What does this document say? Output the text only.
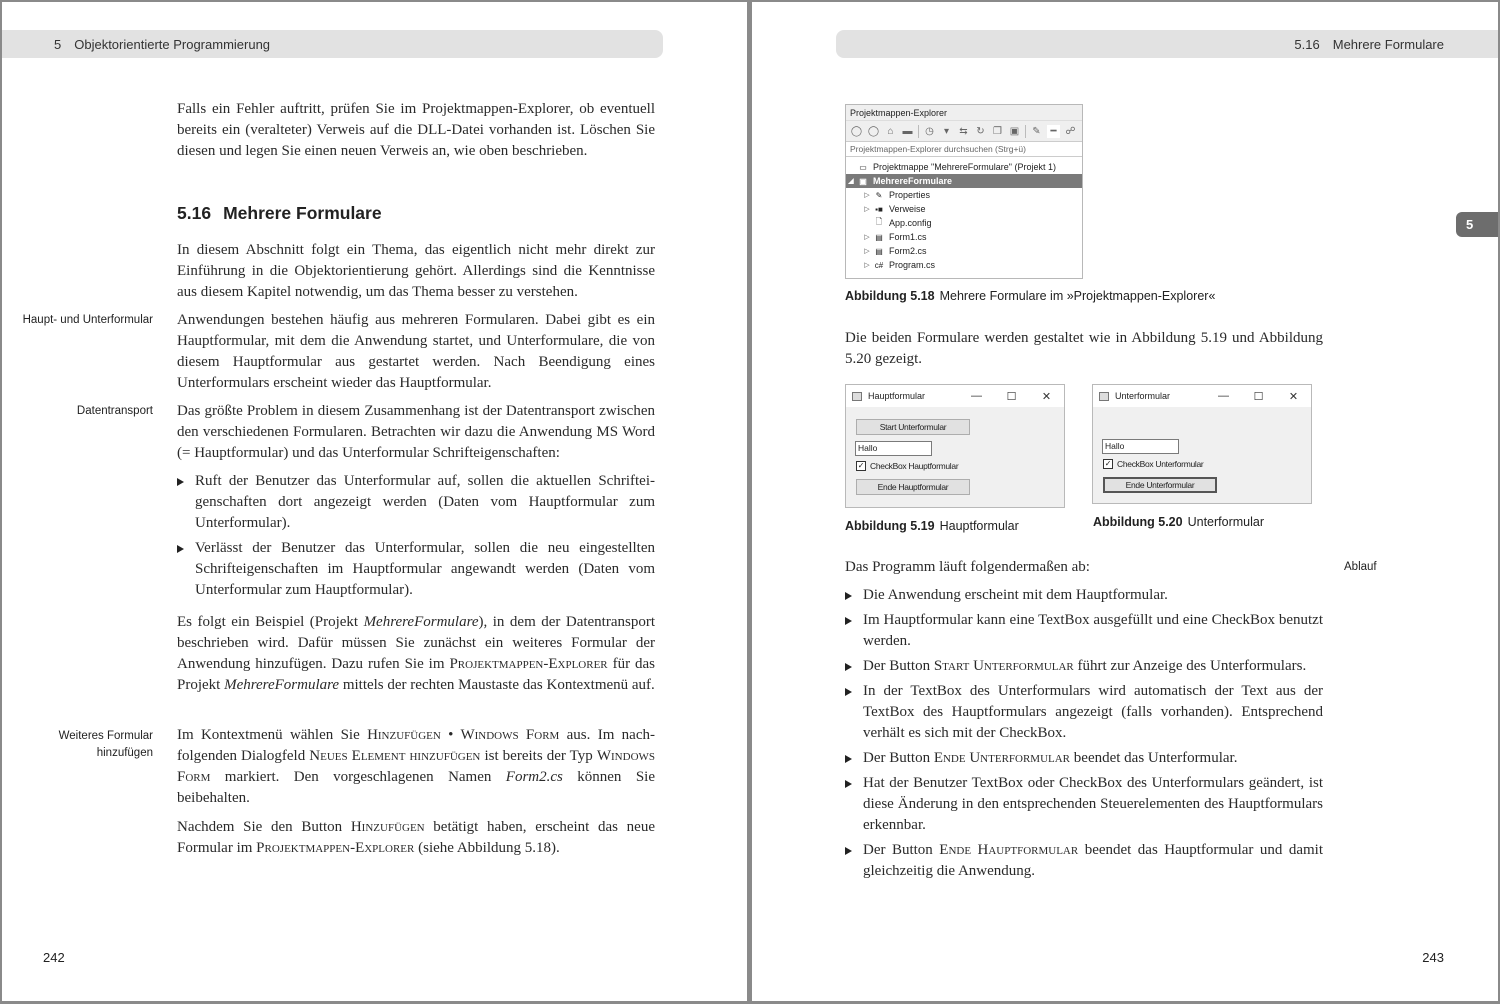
5 Objektorientierte Programmierung

Falls ein Fehler auftritt, prüfen Sie im Projektmappen-Explorer, ob eventuell bereits ein (veralteter) Verweis auf die DLL-Datei vorhanden ist. Löschen Sie diesen und legen Sie einen neuen Verweis an, wie oben beschrieben.

5.16 Mehrere Formulare

In diesem Abschnitt folgt ein Thema, das eigentlich nicht mehr direkt zur Einführung in die Objektorientierung gehört. Allerdings sind die Kenntnisse aus diesem Kapitel notwendig, um das Thema besser zu verstehen.

Haupt- und Unterformular Anwendungen bestehen häufig aus mehreren Formularen. Dabei gibt es ein Hauptformular, mit dem die Anwendung startet, und Unterformulare, die von diesem Hauptformular aus gestartet werden. Nach Beendigung eines Unterformulars erscheint wieder das Hauptformular.

Datentransport Das größte Problem in diesem Zusammenhang ist der Datentransport zwischen den verschiedenen Formularen. Betrachten wir dazu die Anwendung MS Word (= Hauptformular) und das Unterformular Schrifteigenschaften:

Ruft der Benutzer das Unterformular auf, sollen die aktuellen Schrifteigenschaften dort angezeigt werden (Daten vom Hauptformular zum Unterformular).
Verlässt der Benutzer das Unterformular, sollen die neu eingestellten Schrifteigenschaften im Hauptformular angewandt werden (Daten vom Unterformular zum Hauptformular).

Es folgt ein Beispiel (Projekt MehrereFormulare), in dem der Datentransport beschrieben wird. Dafür müssen Sie zunächst ein weiteres Formular der Anwendung hinzufügen. Dazu rufen Sie im Projektmappen-Explorer für das Projekt MehrereFormulare mittels der rechten Maustaste das Kontextmenü auf.

Weiteres Formular hinzufügen

Im Kontextmenü wählen Sie Hinzufügen • Windows Form aus. Im nachfolgenden Dialogfeld Neues Element hinzufügen ist bereits der Typ Windows Form markiert. Den vorgeschlagenen Namen Form2.cs können Sie beibehalten.

Nachdem Sie den Button Hinzufügen betätigt haben, erscheint das neue Formular im Projektmappen-Explorer (siehe Abbildung 5.18).

242
5.16 Mehrere Formulare
5
Projektmappen-Explorer
◯ ◯ ⌂ ▬ ◷	▾	⇆ ↻ ❐ ▣ ✎ ━ ☍
Projektmappen-Explorer durchsuchen (Strg+ü)
▭ Projektmappe "MehrereFormulare" (Projekt 1)
◢ ▣ MehrereFormulare
▷ ✎ Properties
▷ ▪■ Verweise
🗋 App.config
▷ ▤ Form1.cs
▷ ▤ Form2.cs
▷ c# Program.cs
Abbildung 5.18 Mehrere Formulare im »Projektmappen-Explorer«

Die beiden Formulare werden gestaltet wie in Abbildung 5.19 und Abbildung 5.20 gezeigt.

Hauptformular	—	☐	✕
Start Unterformular
Hallo
✓ CheckBox Hauptformular
Ende Hauptformular
Abbildung 5.19 Hauptformular
Unterformular	—	☐	✕
Hallo
✓ CheckBox Unterformular
Ende Unterformular
Abbildung 5.20 Unterformular

Das Programm läuft folgendermaßen ab:	Ablauf
Die Anwendung erscheint mit dem Hauptformular.
Im Hauptformular kann eine TextBox ausgefüllt und eine CheckBox benutzt werden.
Der Button Start Unterformular führt zur Anzeige des Unterformulars.
In der TextBox des Unterformulars wird automatisch der Text aus der TextBox des Hauptformulars angezeigt (falls vorhanden). Entsprechend verhält es sich mit der CheckBox.
Der Button Ende Unterformular beendet das Unterformular.
Hat der Benutzer TextBox oder CheckBox des Unterformulars geändert, ist diese Änderung in den entsprechenden Steuerelementen des Hauptformulars erkennbar.
Der Button Ende Hauptformular beendet das Hauptformular und damit gleichzeitig die Anwendung.
243
